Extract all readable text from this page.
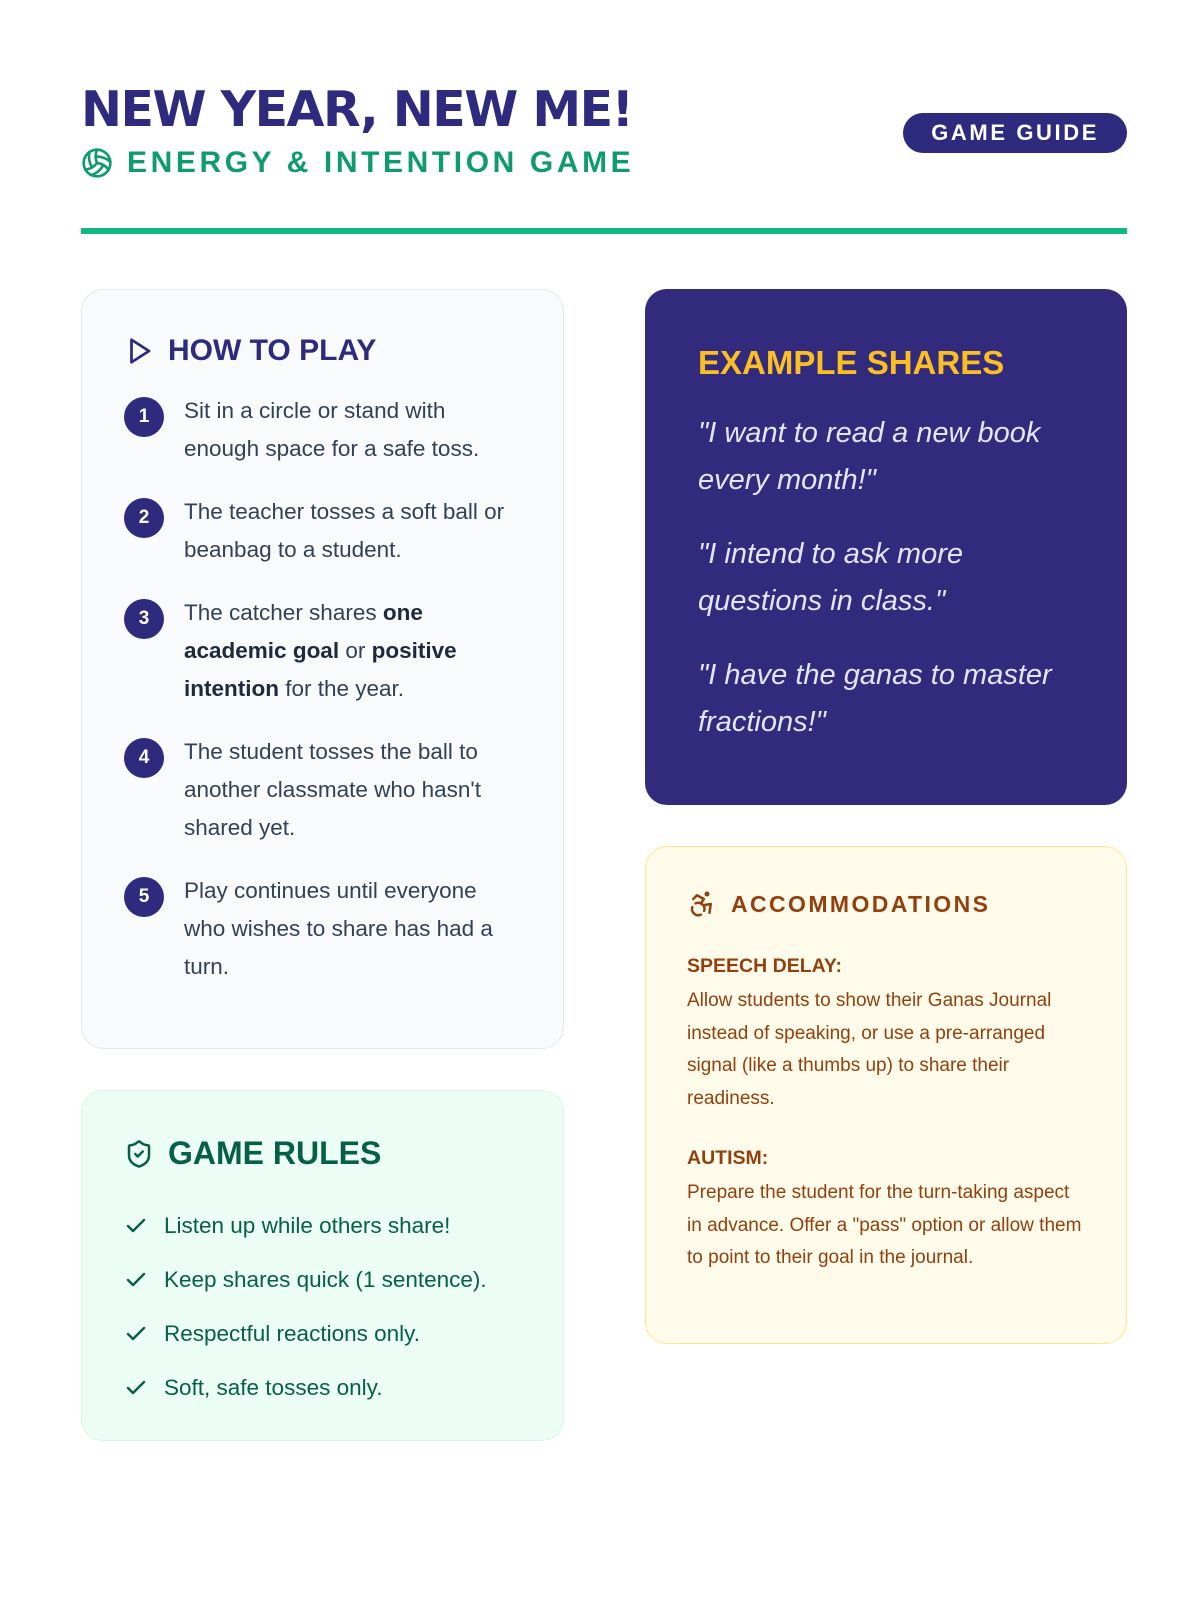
NEW YEAR, NEW ME!
ENERGY & INTENTION GAME
GAME GUIDE
HOW TO PLAY
1	Sit in a circle or stand with enough space for a safe toss.

2	The teacher tosses a soft ball or beanbag to a student.

3	The catcher shares one academic goal or positive intention for the year.

4	The student tosses the ball to another classmate who hasn't shared yet.

5	Play continues until everyone who wishes to share has had a turn.

GAME RULES
Listen up while others share!
Keep shares quick (1 sentence).
Respectful reactions only.
Soft, safe tosses only.
EXAMPLE SHARES

"I want to read a new book every month!"

"I intend to ask more questions in class."

"I have the ganas to master fractions!"

ACCOMMODATIONS
SPEECH DELAY:

Allow students to show their Ganas Journal instead of speaking, or use a pre-arranged signal (like a thumbs up) to share their readiness.

AUTISM:

Prepare the student for the turn-taking aspect in advance. Offer a "pass" option or allow them to point to their goal in the journal.
